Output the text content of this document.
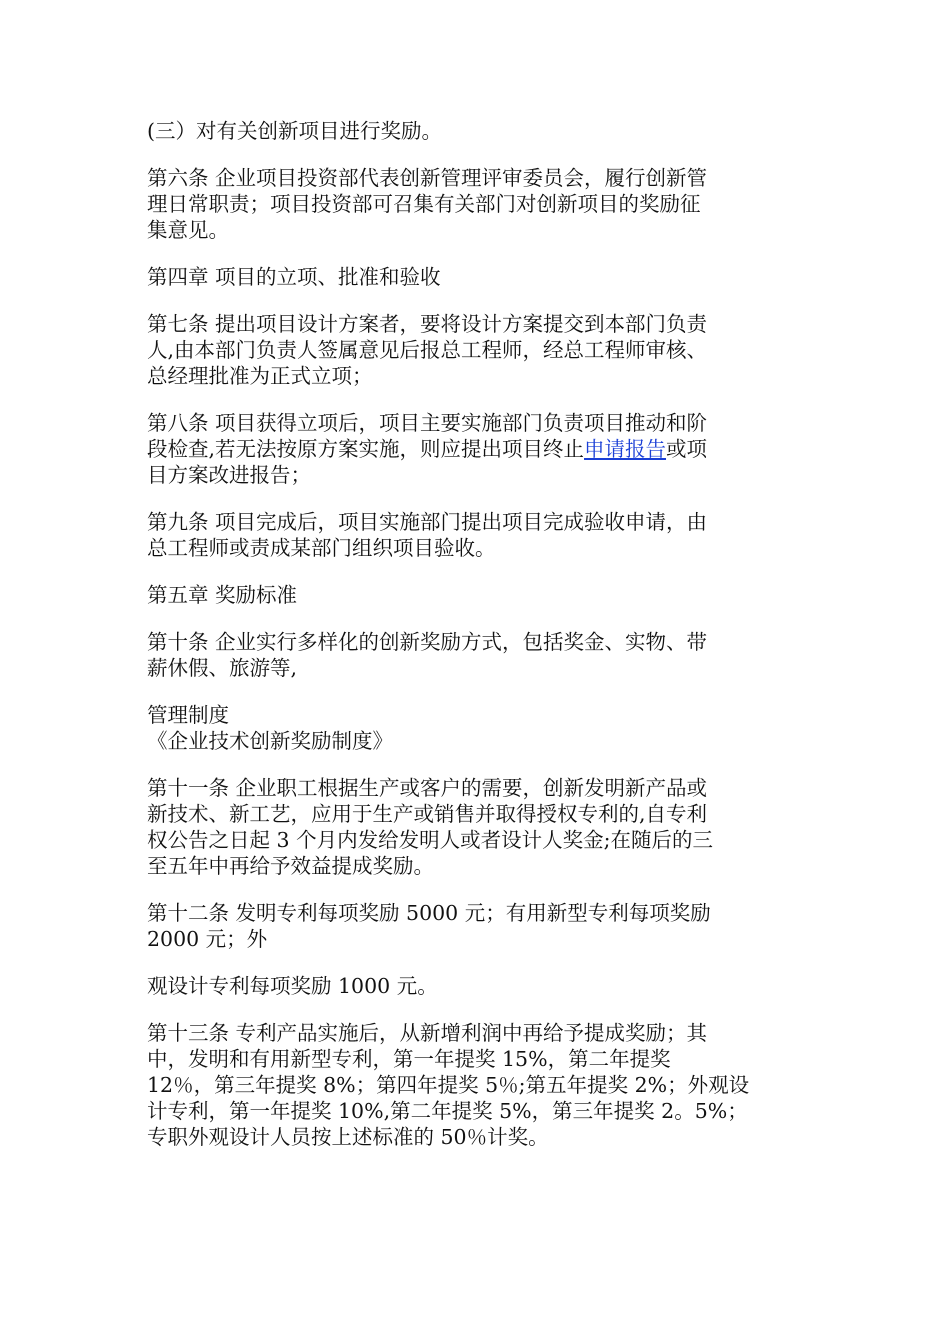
(三）对有关创新项目进行奖励。

第六条 企业项目投资部代表创新管理评审委员会，履行创新管
理日常职责；项目投资部可召集有关部门对创新项目的奖励征
集意见。

第四章 项目的立项、批准和验收

第七条 提出项目设计方案者，要将设计方案提交到本部门负责
人,由本部门负责人签属意见后报总工程师，经总工程师审核、
总经理批准为正式立项；

第八条 项目获得立项后，项目主要实施部门负责项目推动和阶
段检查,若无法按原方案实施，则应提出项目终止申请报告或项
目方案改进报告；

第九条 项目完成后，项目实施部门提出项目完成验收申请，由
总工程师或责成某部门组织项目验收。

第五章 奖励标准

第十条 企业实行多样化的创新奖励方式，包括奖金、实物、带
薪休假、旅游等,

管理制度
《企业技术创新奖励制度》

第十一条 企业职工根据生产或客户的需要，创新发明新产品或
新技术、新工艺，应用于生产或销售并取得授权专利的,自专利
权公告之日起 3 个月内发给发明人或者设计人奖金;在随后的三
至五年中再给予效益提成奖励。

第十二条 发明专利每项奖励 5000 元；有用新型专利每项奖励
2000 元；外

观设计专利每项奖励 1000 元。

第十三条 专利产品实施后，从新增利润中再给予提成奖励；其
中，发明和有用新型专利，第一年提奖 15%，第二年提奖
12％，第三年提奖 8%；第四年提奖 5％;第五年提奖 2%；外观设
计专利，第一年提奖 10%,第二年提奖 5%，第三年提奖 2。5%；
专职外观设计人员按上述标准的 50％计奖。
